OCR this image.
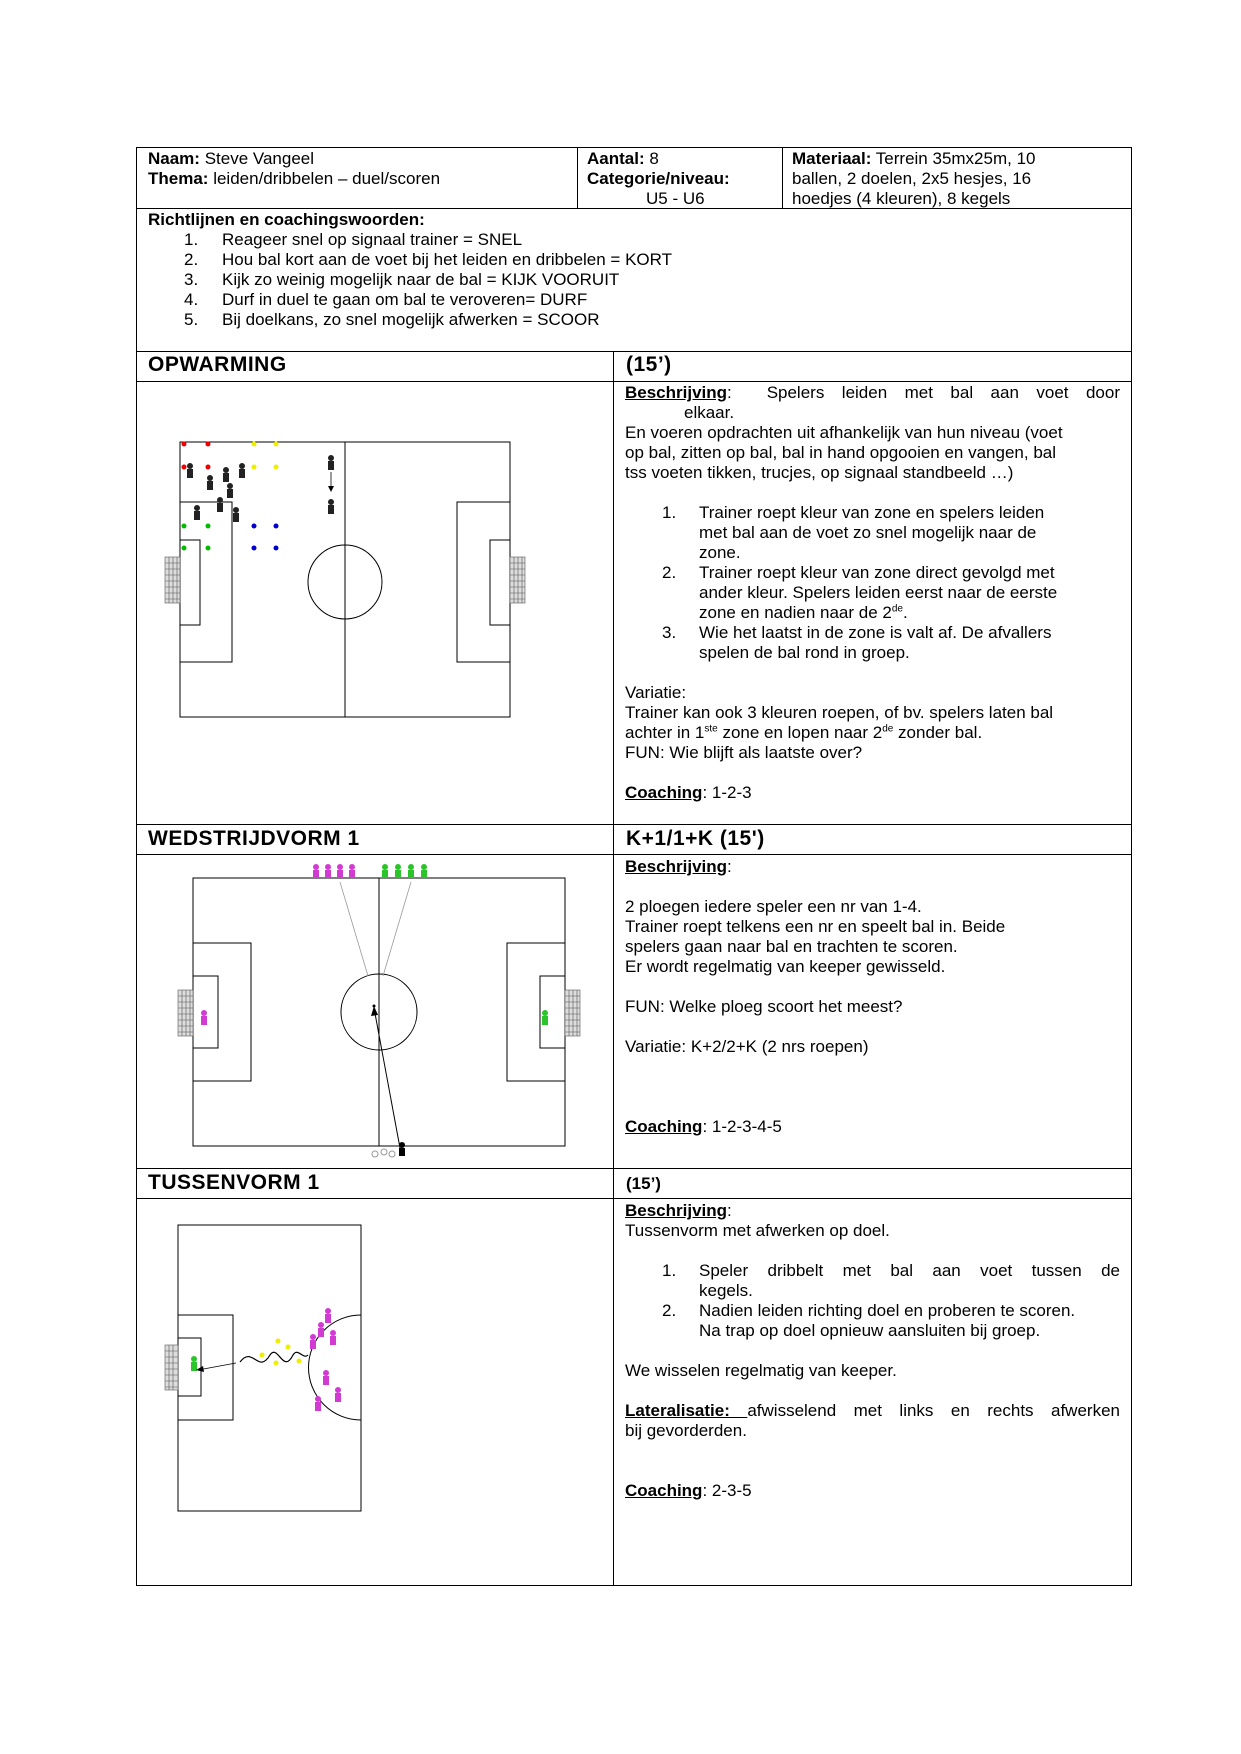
Naam: Steve Vangeel
Thema: leiden/dribbelen – duel/scoren
Aantal: 8
Categorie/niveau:
U5 - U6
Materiaal: Terrein 35mx25m, 10
ballen, 2 doelen, 2x5 hesjes, 16
hoedjes (4 kleuren), 8 kegels
Richtlijnen en coachingswoorden:
1. Reageer snel op signaal trainer = SNEL
2. Hou bal kort aan de voet bij het leiden en dribbelen = KORT
3. Kijk zo weinig mogelijk naar de bal = KIJK VOORUIT
4. Durf in duel te gaan om bal te veroveren= DURF
5. Bij doelkans, zo snel mogelijk afwerken = SCOOR
OPWARMING	(15’)
Beschrijving:  Spelers leiden met bal aan voet door
elkaar.
En voeren opdrachten uit afhankelijk van hun niveau (voet
op bal, zitten op bal, bal in hand opgooien en vangen, bal
tss voeten tikken, trucjes, op signaal standbeeld …)
1. Trainer roept kleur van zone en spelers leiden
met bal aan de voet zo snel mogelijk naar de
zone.
2. Trainer roept kleur van zone direct gevolgd met
ander kleur. Spelers leiden eerst naar de eerste
zone en nadien naar de 2de.
3. Wie het laatst in de zone is valt af. De afvallers
spelen de bal rond in groep.
Variatie:
Trainer kan ook 3 kleuren roepen, of bv. spelers laten bal
achter in 1ste zone en lopen naar 2de zonder bal.
FUN: Wie blijft als laatste over?
Coaching: 1-2-3
WEDSTRIJDVORM 1	K+1/1+K (15')
Beschrijving:
2 ploegen iedere speler een nr van 1-4.
Trainer roept telkens een nr en speelt bal in. Beide
spelers gaan naar bal en trachten te scoren.
Er wordt regelmatig van keeper gewisseld.
FUN: Welke ploeg scoort het meest?
Variatie: K+2/2+K (2 nrs roepen)
Coaching: 1-2-3-4-5
TUSSENVORM 1	(15’)
Beschrijving:
Tussenvorm met afwerken op doel.
1. Speler dribbelt met bal aan voet tussen de
kegels.
2. Nadien leiden richting doel en proberen te scoren.
Na trap op doel opnieuw aansluiten bij groep.
We wisselen regelmatig van keeper.
Lateralisatie: afwisselend met links en rechts afwerken
bij gevorderden.
Coaching: 2-3-5
